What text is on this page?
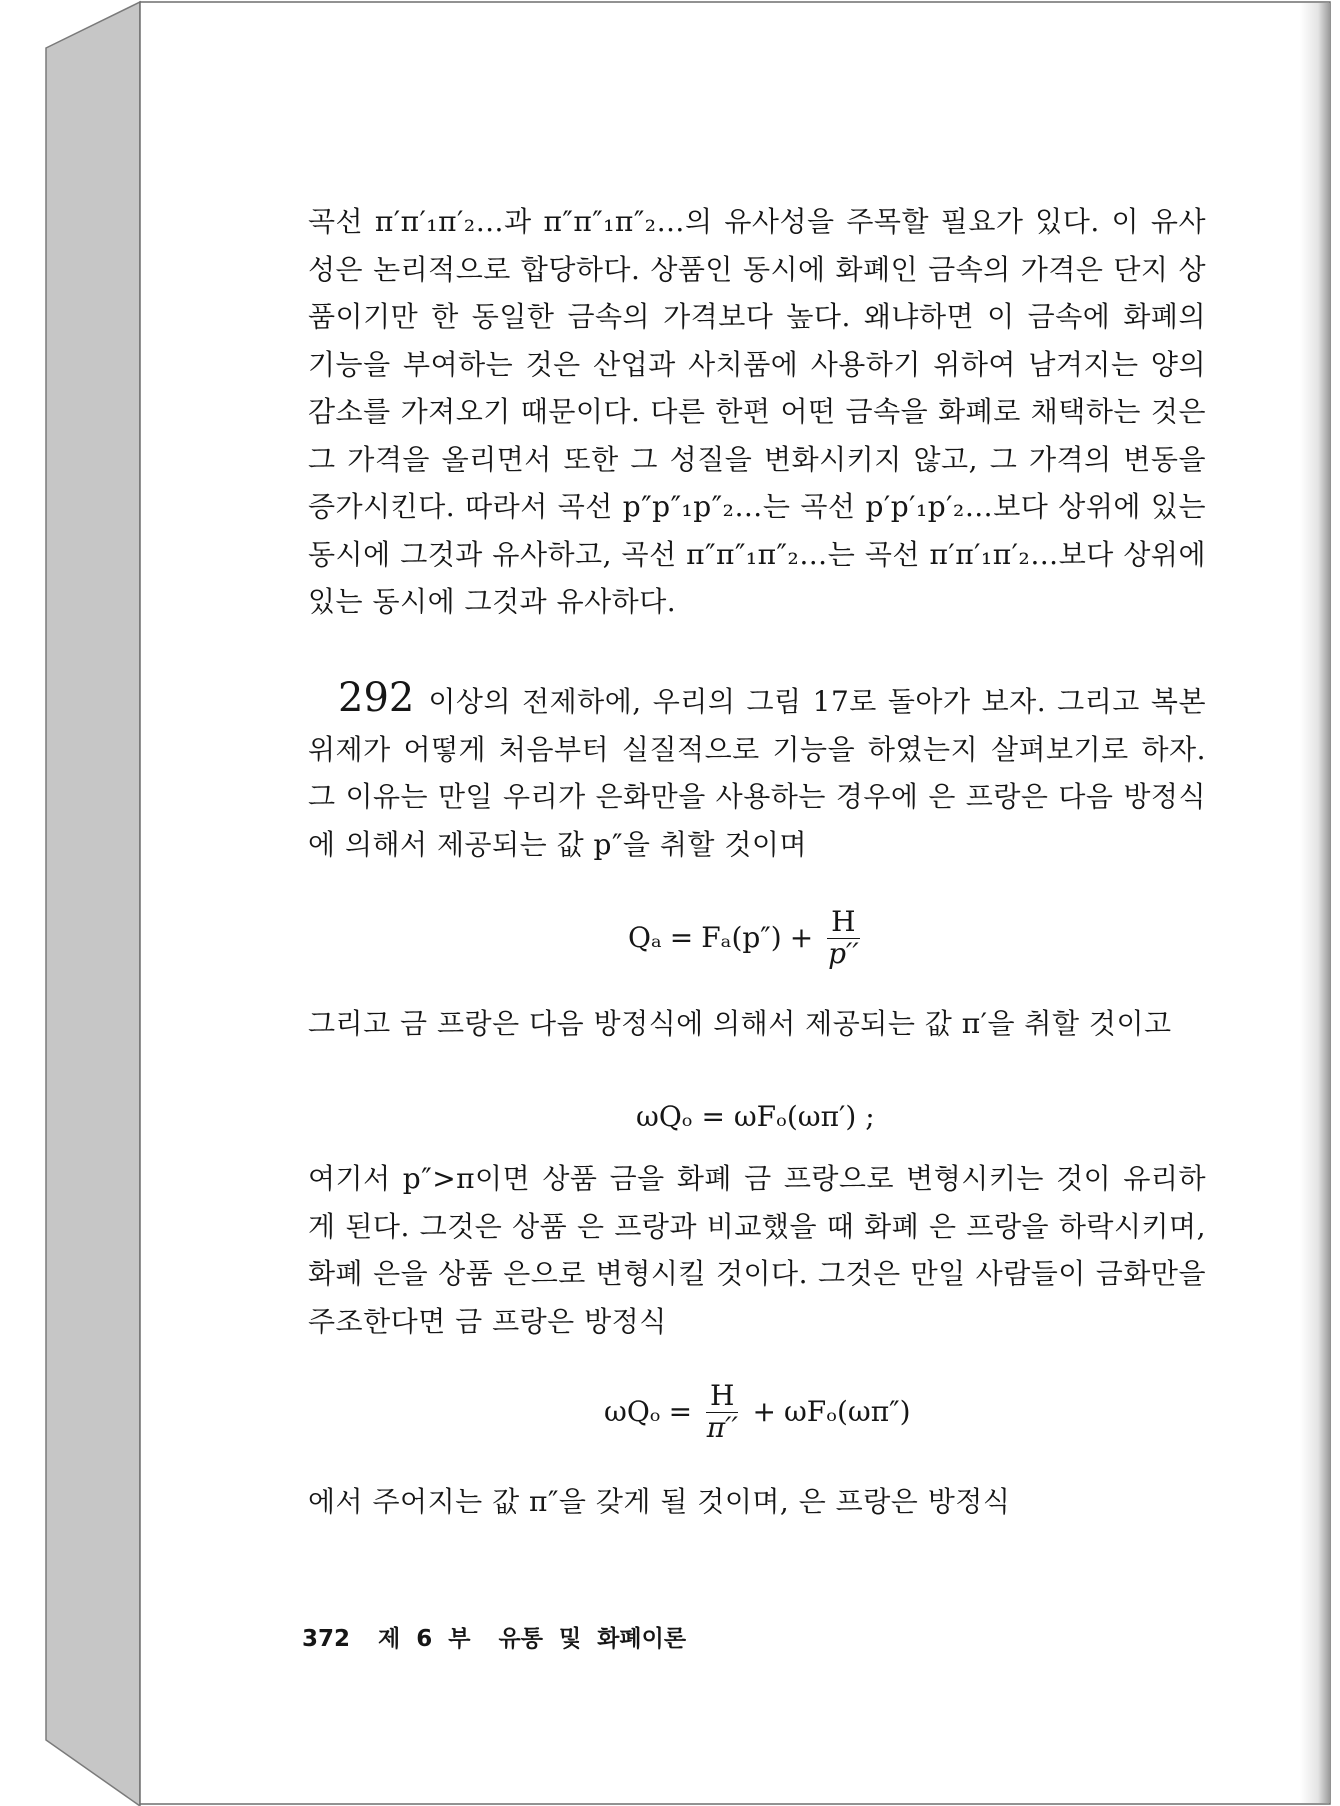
곡선 π′π′₁π′₂…과 π″π″₁π″₂…의 유사성을 주목할 필요가 있다. 이 유사성은 논리적으로 합당하다. 상품인 동시에 화폐인 금속의 가격은 단지 상품이기만 한 동일한 금속의 가격보다 높다. 왜냐하면 이 금속에 화폐의 기능을 부여하는 것은 산업과 사치품에 사용하기 위하여 남겨지는 양의 감소를 가져오기 때문이다. 다른 한편 어떤 금속을 화폐로 채택하는 것은 그 가격을 올리면서 또한 그 성질을 변화시키지 않고, 그 가격의 변동을 증가시킨다. 따라서 곡선 p″p″₁p″₂…는 곡선 p′p′₁p′₂…보다 상위에 있는 동시에 그것과 유사하고, 곡선 π″π″₁π″₂…는 곡선 π′π′₁π′₂…보다 상위에 있는 동시에 그것과 유사하다.
292 이상의 전제하에, 우리의 그림 17로 돌아가 보자. 그리고 복본위제가 어떻게 처음부터 실질적으로 기능을 하였는지 살펴보기로 하자. 그 이유는 만일 우리가 은화만을 사용하는 경우에 은 프랑은 다음 방정식에 의해서 제공되는 값 p″을 취할 것이며
$Q_a = F_a(p'') + \frac{H}{p''}$
그리고 금 프랑은 다음 방정식에 의해서 제공되는 값 π′을 취할 것이고
ωQₒ = ωFₒ(ωπ′) ;
여기서 p″>π이면 상품 금을 화폐 금 프랑으로 변형시키는 것이 유리하게 된다. 그것은 상품 은 프랑과 비교했을 때 화폐 은 프랑을 하락시키며, 화폐 은을 상품 은으로 변형시킬 것이다. 그것은 만일 사람들이 금화만을 주조한다면 금 프랑은 방정식
$\omega Q_o = \frac{H}{\pi''} + \omega F_o(\omega\pi'')$
에서 주어지는 값 π″을 갖게 될 것이며, 은 프랑은 방정식
372 제 6 부 유통 및 화폐이론
